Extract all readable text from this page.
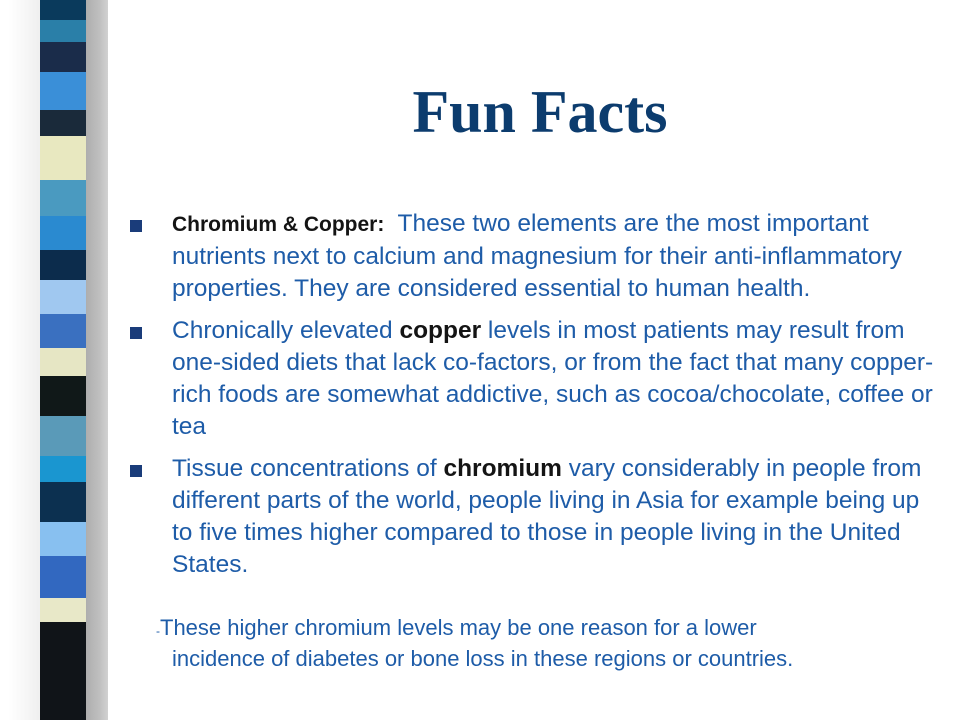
Fun Facts
Chromium & Copper: These two elements are the most important nutrients next to calcium and magnesium for their anti-inflammatory properties. They are considered essential to human health.
Chronically elevated copper levels in most patients may result from one-sided diets that lack co-factors, or from the fact that many copper-rich foods are somewhat addictive, such as cocoa/chocolate, coffee or tea
Tissue concentrations of chromium vary considerably in people from different parts of the world, people living in Asia for example being up to five times higher compared to those in people living in the United States.
-These higher chromium levels may be one reason for a lower
incidence of diabetes or bone loss in these regions or countries.
